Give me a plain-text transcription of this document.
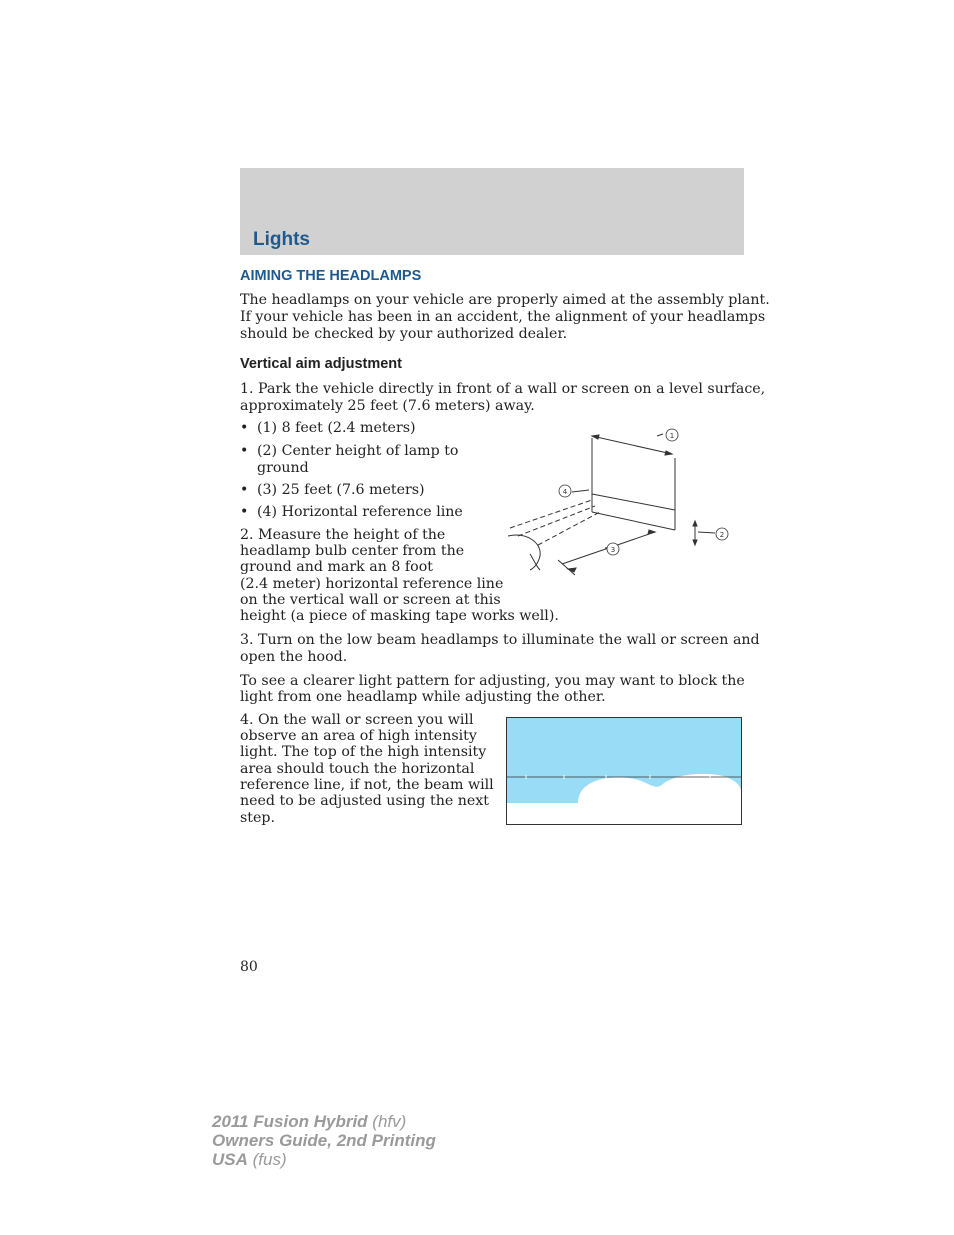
Lights
AIMING THE HEADLAMPS
The headlamps on your vehicle are properly aimed at the assembly plant.
If your vehicle has been in an accident, the alignment of your headlamps
should be checked by your authorized dealer.
Vertical aim adjustment
1. Park the vehicle directly in front of a wall or screen on a level surface,
approximately 25 feet (7.6 meters) away.
• (1) 8 feet (2.4 meters)
• (2) Center height of lamp to
ground
• (3) 25 feet (7.6 meters)
• (4) Horizontal reference line
2. Measure the height of the
headlamp bulb center from the
ground and mark an 8 foot
(2.4 meter) horizontal reference line
on the vertical wall or screen at this
height (a piece of masking tape works well).
1
2
3
4
3. Turn on the low beam headlamps to illuminate the wall or screen and
open the hood.
To see a clearer light pattern for adjusting, you may want to block the
light from one headlamp while adjusting the other.
4. On the wall or screen you will
observe an area of high intensity
light. The top of the high intensity
area should touch the horizontal
reference line, if not, the beam will
need to be adjusted using the next
step.
80
2011 Fusion Hybrid (hfv)
Owners Guide, 2nd Printing
USA (fus)
